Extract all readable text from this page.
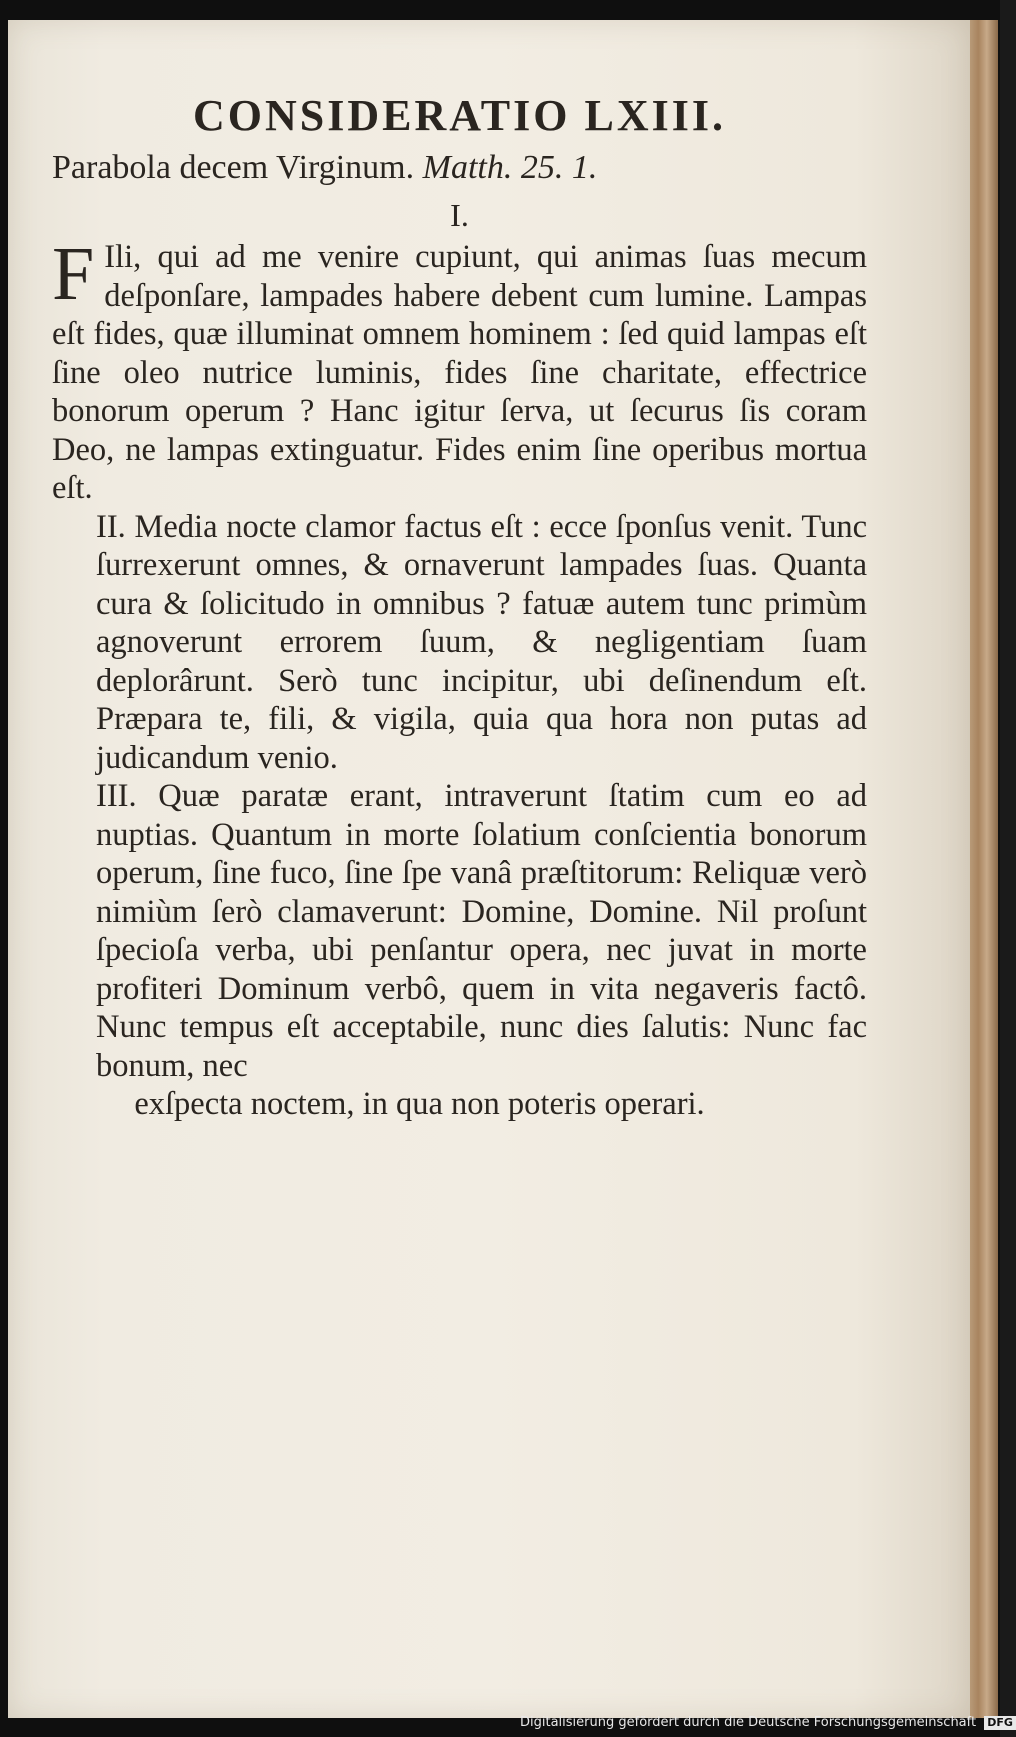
CONSIDERATIO LXIII.

Parabola decem Virginum. Matth. 25. 1.

I.

F Ili, qui ad me venire cupiunt, qui animas ſuas mecum deſponſare, lampades habere debent cum lumine. Lampas eſt fides, quæ illuminat omnem hominem : ſed quid lampas eſt ſine oleo nutrice luminis, fides ſine charitate, effectrice bonorum operum ? Hanc igitur ſerva, ut ſecurus ſis coram Deo, ne lampas extinguatur. Fides enim ſine operibus mortua eſt.

II. Media nocte clamor factus eſt : ecce ſponſus venit. Tunc ſurrexerunt omnes, & ornaverunt lampades ſuas. Quanta cura & ſolicitudo in omnibus ? fatuæ autem tunc primùm agnoverunt errorem ſuum, & negligentiam ſuam deplorârunt. Serò tunc incipitur, ubi deſinendum eſt. Præpara te, fili, & vigila, quia qua hora non putas ad judicandum venio.

III. Quæ paratæ erant, intraverunt ſtatim cum eo ad nuptias. Quantum in morte ſolatium conſcientia bonorum operum, ſine fuco, ſine ſpe vanâ præſtitorum: Reliquæ verò nimiùm ſerò clamaverunt: Domine, Domine. Nil proſunt ſpecioſa verba, ubi penſantur opera, nec juvat in morte profiteri Dominum verbô, quem in vita negaveris factô. Nunc tempus eſt acceptabile, nunc dies ſalutis: Nunc fac bonum, nec

exſpecta noctem, in qua non poteris operari.

Digitalisierung gefördert durch die Deutsche Forschungsgemeinschaft DFG
